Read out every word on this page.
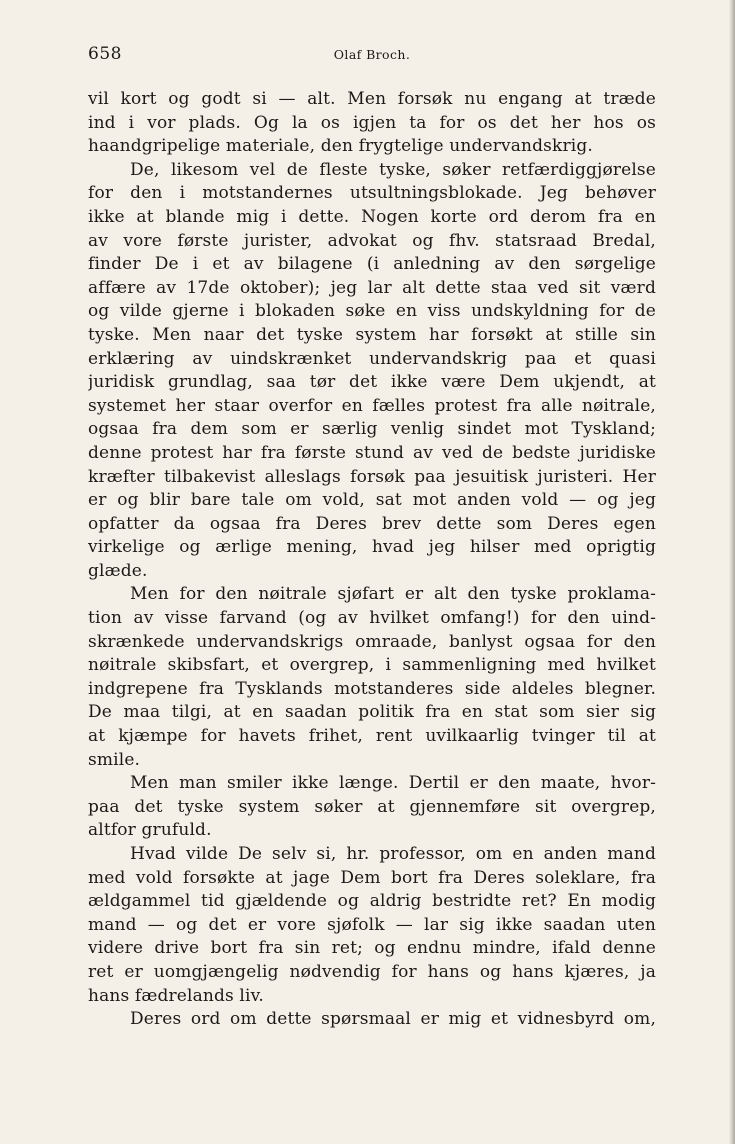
658	Olaf Broch.
vil kort og godt si — alt. Men forsøk nu engang at træde
ind i vor plads. Og la os igjen ta for os det her hos os
haandgripelige materiale, den frygtelige undervandskrig.
De, likesom vel de fleste tyske, søker retfærdiggjørelse
for den i motstandernes utsultningsblokade. Jeg behøver
ikke at blande mig i dette. Nogen korte ord derom fra en
av vore første jurister, advokat og fhv. statsraad Bredal,
finder De i et av bilagene (i anledning av den sørgelige
affære av 17de oktober); jeg lar alt dette staa ved sit værd
og vilde gjerne i blokaden søke en viss undskyldning for de
tyske. Men naar det tyske system har forsøkt at stille sin
erklæring av uindskrænket undervandskrig paa et quasi
juridisk grundlag, saa tør det ikke være Dem ukjendt, at
systemet her staar overfor en fælles protest fra alle nøitrale,
ogsaa fra dem som er særlig venlig sindet mot Tyskland;
denne protest har fra første stund av ved de bedste juridiske
kræfter tilbakevist alleslags forsøk paa jesuitisk juristeri. Her
er og blir bare tale om vold, sat mot anden vold — og jeg
opfatter da ogsaa fra Deres brev dette som Deres egen
virkelige og ærlige mening, hvad jeg hilser med oprigtig
glæde.
Men for den nøitrale sjøfart er alt den tyske proklama-
tion av visse farvand (og av hvilket omfang!) for den uind-
skrænkede undervandskrigs omraade, banlyst ogsaa for den
nøitrale skibsfart, et overgrep, i sammenligning med hvilket
indgrepene fra Tysklands motstanderes side aldeles blegner.
De maa tilgi, at en saadan politik fra en stat som sier sig
at kjæmpe for havets frihet, rent uvilkaarlig tvinger til at
smile.
Men man smiler ikke længe. Dertil er den maate, hvor-
paa det tyske system søker at gjennemføre sit overgrep,
altfor grufuld.
Hvad vilde De selv si, hr. professor, om en anden mand
med vold forsøkte at jage Dem bort fra Deres soleklare, fra
ældgammel tid gjældende og aldrig bestridte ret? En modig
mand — og det er vore sjøfolk — lar sig ikke saadan uten
videre drive bort fra sin ret; og endnu mindre, ifald denne
ret er uomgjængelig nødvendig for hans og hans kjæres, ja
hans fædrelands liv.
Deres ord om dette spørsmaal er mig et vidnesbyrd om,
